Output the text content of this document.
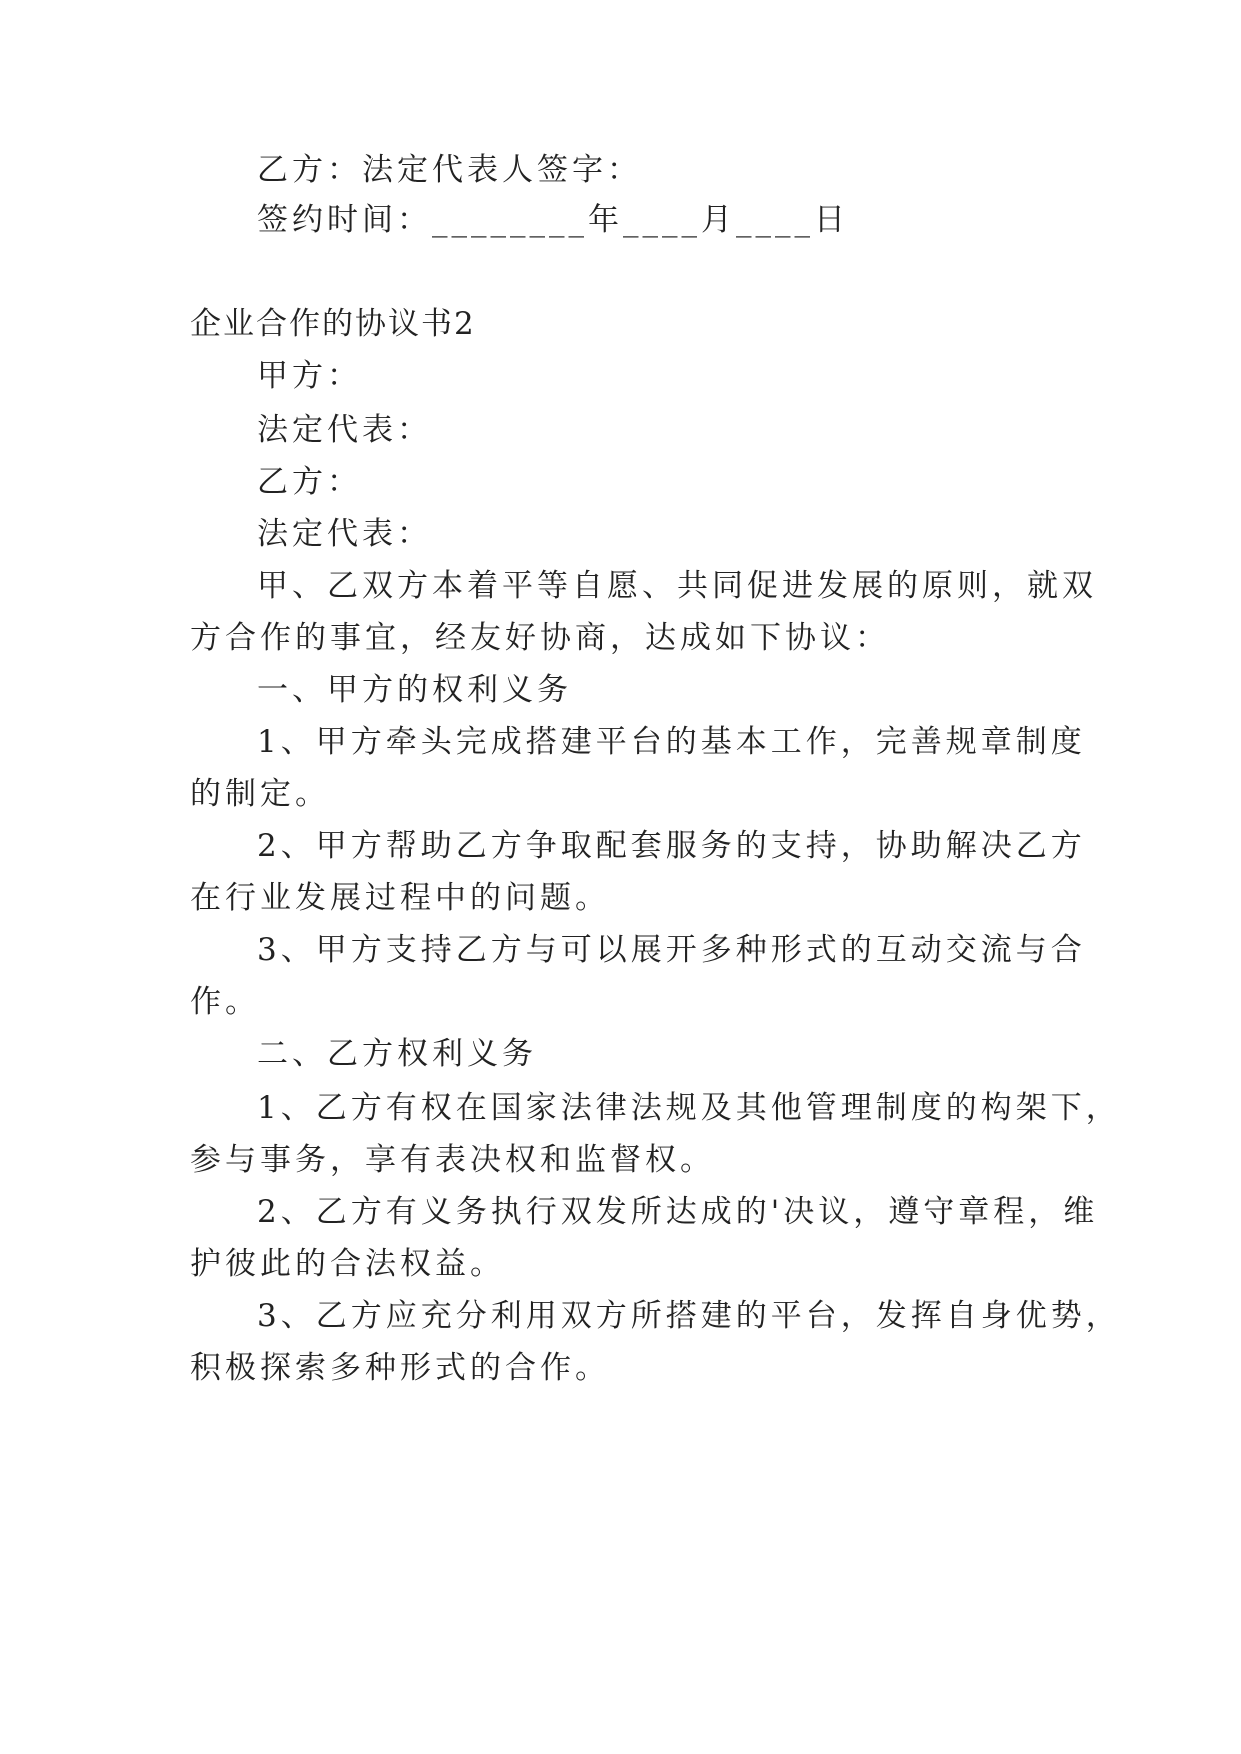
乙方：法定代表人签字：

签约时间：________年____月____日

企业合作的协议书2

甲方：

法定代表：

乙方：

法定代表：

甲、乙双方本着平等自愿、共同促进发展的原则，就双

方合作的事宜，经友好协商，达成如下协议：

一、甲方的权利义务

1、甲方牵头完成搭建平台的基本工作，完善规章制度

的制定。

2、甲方帮助乙方争取配套服务的支持，协助解决乙方

在行业发展过程中的问题。

3、甲方支持乙方与可以展开多种形式的互动交流与合

作。

二、乙方权利义务

1、乙方有权在国家法律法规及其他管理制度的构架下，

参与事务，享有表决权和监督权。

2、乙方有义务执行双发所达成的'决议，遵守章程，维

护彼此的合法权益。

3、乙方应充分利用双方所搭建的平台，发挥自身优势，

积极探索多种形式的合作。
